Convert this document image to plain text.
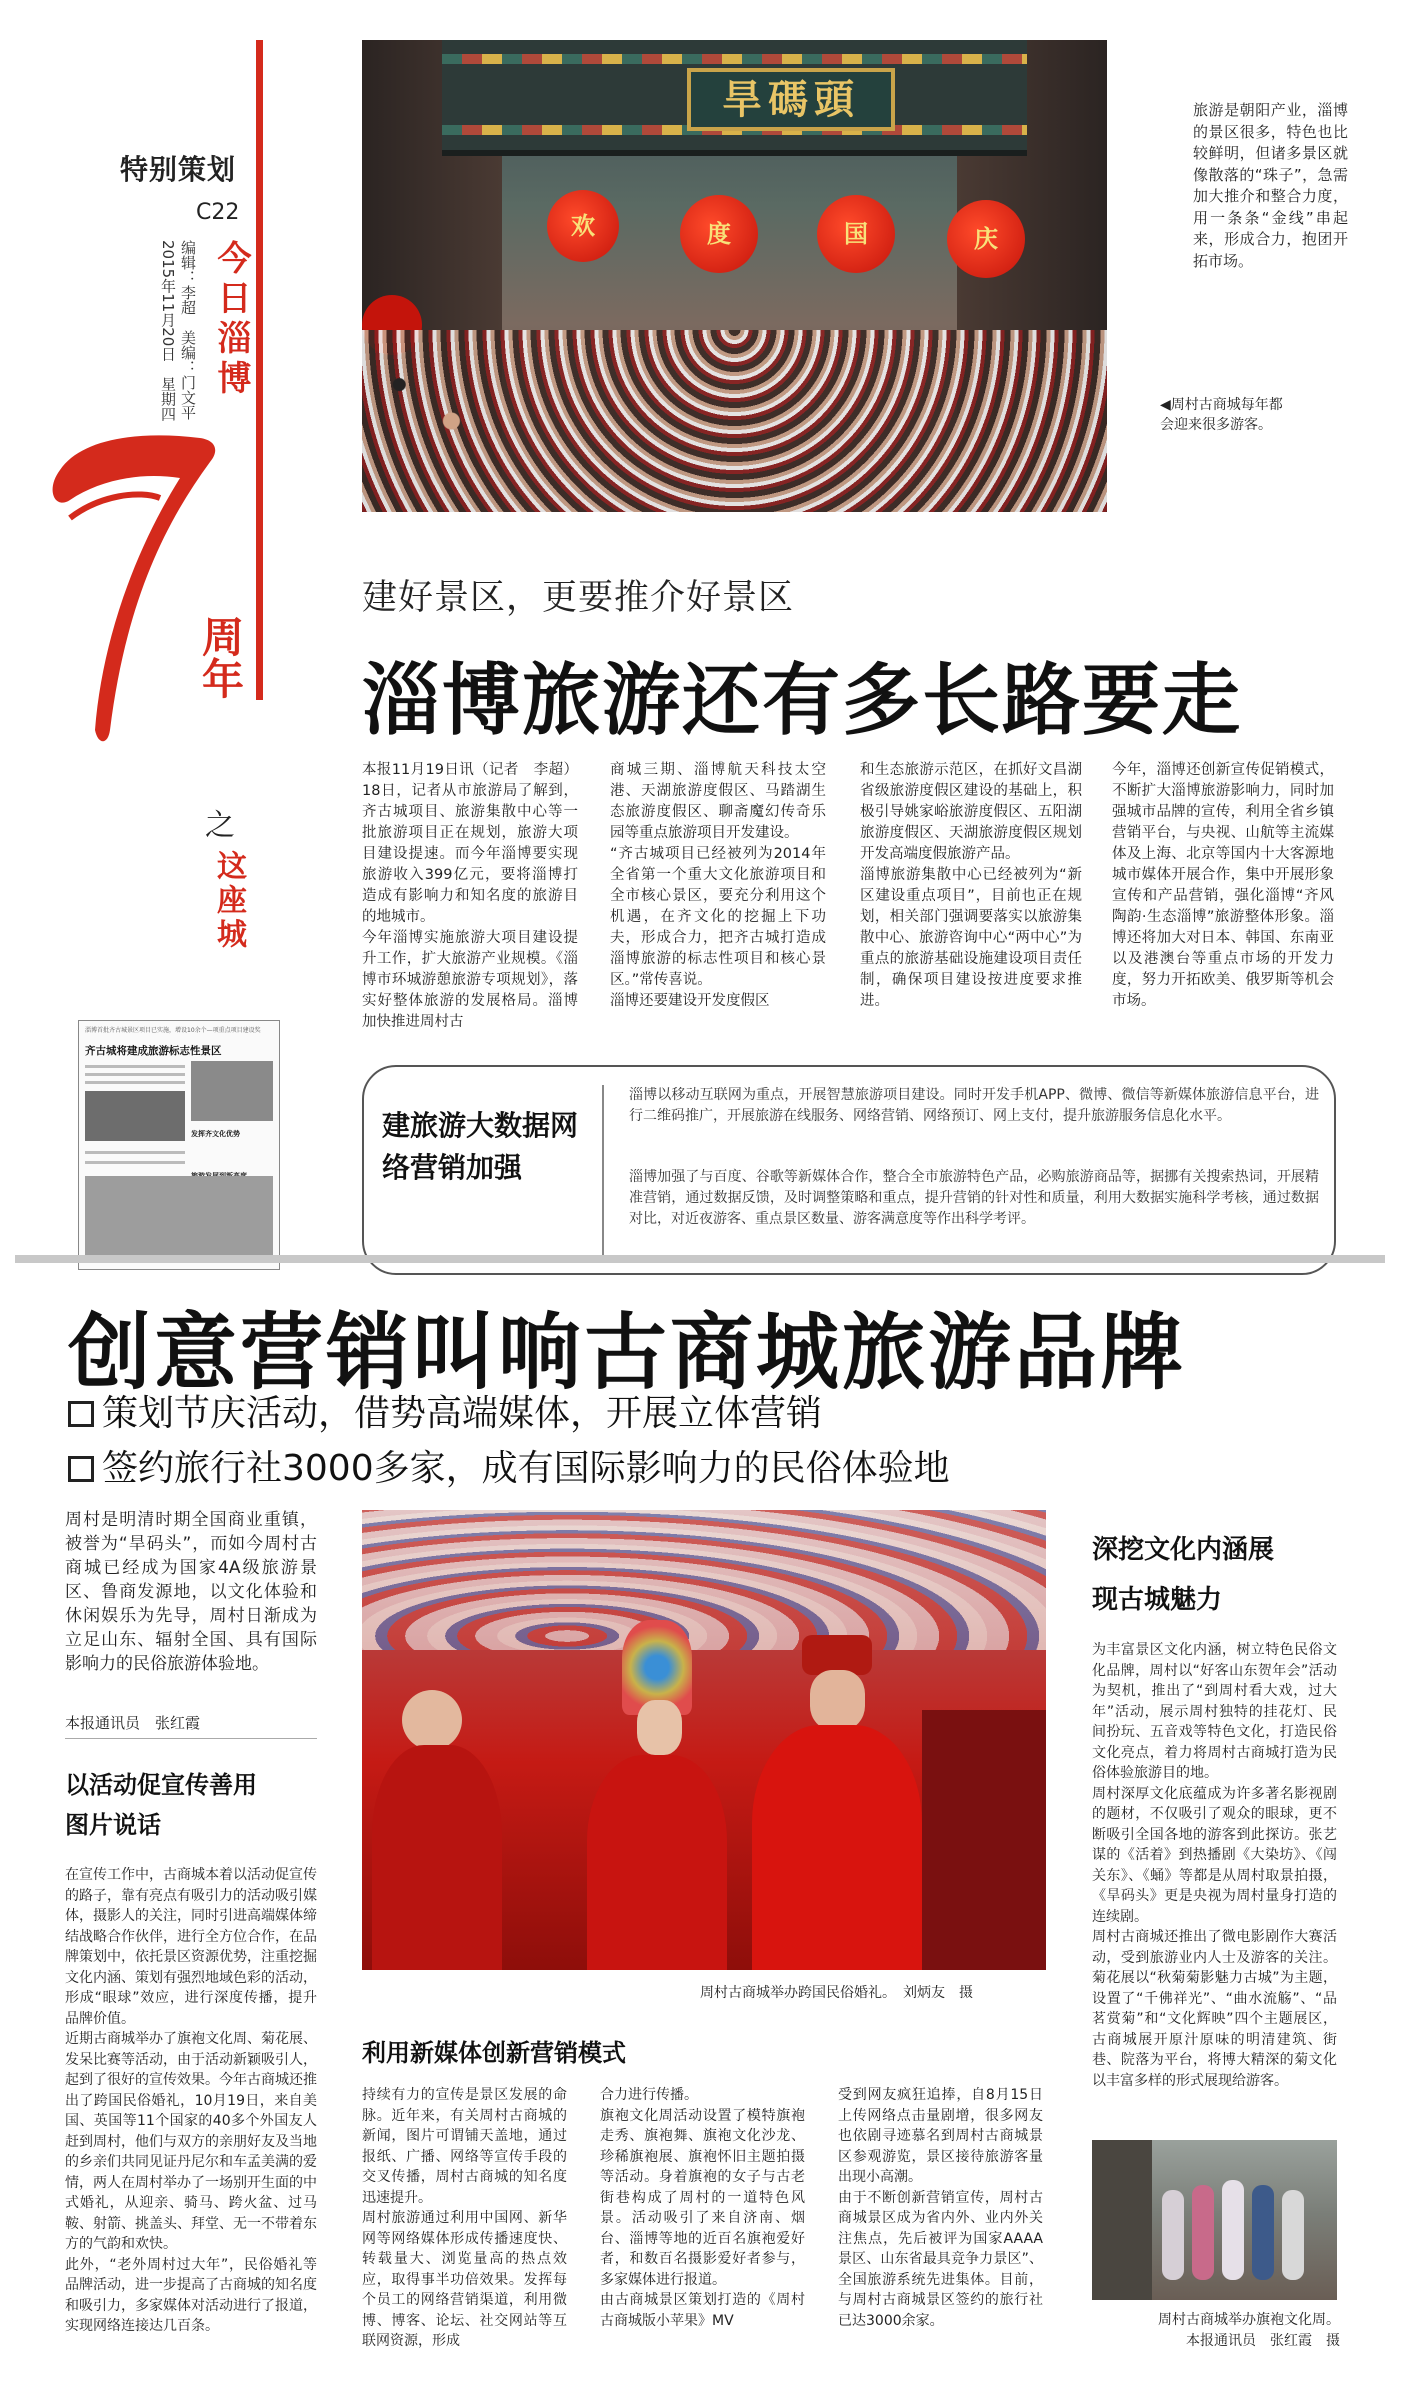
特别策划
C22
今日淄博
编辑：李超　美编：门文平
2015年11月20日　星期四
周年
之
这座城
淄博首批齐古城景区项目已实施，增设10余个—项重点项目建设奖
齐古城将建成旅游标志性景区
发挥齐文化优势
旱碼頭
欢	度	国	庆
◀周村古商城每年都会迎来很多游客。
旅游是朝阳产业，淄博的景区很多，特色也比较鲜明，但诸多景区就像散落的“珠子”，急需加大推介和整合力度，用一条条“金线”串起来，形成合力，抱团开拓市场。
建好景区，更要推介好景区
淄博旅游还有多长路要走
本报11月19日讯（记者　李超）18日，记者从市旅游局了解到，齐古城项目、旅游集散中心等一批旅游项目正在规划，旅游大项目建设提速。而今年淄博要实现旅游收入399亿元，要将淄博打造成有影响力和知名度的旅游目的地城市。
今年淄博实施旅游大项目建设提升工作，扩大旅游产业规模。《淄博市环城游憩旅游专项规划》，落实好整体旅游的发展格局。淄博加快推进周村古
商城三期、淄博航天科技太空港、天湖旅游度假区、马踏湖生态旅游度假区、聊斋魔幻传奇乐园等重点旅游项目开发建设。
“齐古城项目已经被列为2014年全省第一个重大文化旅游项目和全市核心景区，要充分利用这个机遇，在齐文化的挖掘上下功夫，形成合力，把齐古城打造成淄博旅游的标志性项目和核心景区。”常传喜说。
淄博还要建设开发度假区
和生态旅游示范区，在抓好文昌湖省级旅游度假区建设的基础上，积极引导姚家峪旅游度假区、五阳湖旅游度假区、天湖旅游度假区规划开发高端度假旅游产品。
淄博旅游集散中心已经被列为“新区建设重点项目”，目前也正在规划，相关部门强调要落实以旅游集散中心、旅游咨询中心“两中心”为重点的旅游基础设施建设项目责任制，确保项目建设按进度要求推进。
今年，淄博还创新宣传促销模式，不断扩大淄博旅游影响力，同时加强城市品牌的宣传，利用全省乡镇营销平台，与央视、山航等主流媒体及上海、北京等国内十大客源地城市媒体开展合作，集中开展形象宣传和产品营销，强化淄博“齐风陶韵·生态淄博”旅游整体形象。淄博还将加大对日本、韩国、东南亚以及港澳台等重点市场的开发力度，努力开拓欧美、俄罗斯等机会市场。
建旅游大数据网络营销加强
淄博以移动互联网为重点，开展智慧旅游项目建设。同时开发手机APP、微博、微信等新媒体旅游信息平台，进行二维码推广，开展旅游在线服务、网络营销、网络预订、网上支付，提升旅游服务信息化水平。
淄博加强了与百度、谷歌等新媒体合作，整合全市旅游特色产品，必购旅游商品等，据挪有关搜索热词，开展精准营销，通过数据反馈，及时调整策略和重点，提升营销的针对性和质量，利用大数据实施科学考核，通过数据对比，对近夜游客、重点景区数量、游客满意度等作出科学考评。
创意营销叫响古商城旅游品牌
策划节庆活动，借势高端媒体，开展立体营销
签约旅行社3000多家，成有国际影响力的民俗体验地
周村是明清时期全国商业重镇，被誉为“旱码头”，而如今周村古商城已经成为国家4A级旅游景区、鲁商发源地，以文化体验和休闲娱乐为先导，周村日渐成为立足山东、辐射全国、具有国际影响力的民俗旅游体验地。
本报通讯员　张红霞
以活动促宣传善用图片说话
在宣传工作中，古商城本着以活动促宣传的路子，靠有亮点有吸引力的活动吸引媒体，摄影人的关注，同时引进高端媒体缔结战略合作伙伴，进行全方位合作，在品牌策划中，依托景区资源优势，注重挖掘文化内涵、策划有强烈地域色彩的活动，形成“眼球”效应，进行深度传播，提升品牌价值。
近期古商城举办了旗袍文化周、菊花展、发呆比赛等活动，由于活动新颖吸引人，起到了很好的宣传效果。今年古商城还推出了跨国民俗婚礼，10月19日，来自美国、英国等11个国家的40多个外国友人赶到周村，他们与双方的亲朋好友及当地的乡亲们共同见证丹尼尔和车孟美满的爱情，两人在周村举办了一场别开生面的中式婚礼，从迎亲、骑马、跨火盆、过马鞍、射箭、挑盖头、拜堂、无一不带着东方的气韵和欢快。
此外，“老外周村过大年”，民俗婚礼等品牌活动，进一步提高了古商城的知名度和吸引力，多家媒体对活动进行了报道，实现网络连接达几百条。
周村古商城举办跨国民俗婚礼。　刘炳友　摄
利用新媒体创新营销模式
持续有力的宣传是景区发展的命脉。近年来，有关周村古商城的新闻，图片可谓铺天盖地，通过报纸、广播、网络等宣传手段的交叉传播，周村古商城的知名度迅速提升。
周村旅游通过利用中国网、新华网等网络媒体形成传播速度快、转载量大、浏览量高的热点效应，取得事半功倍效果。发挥每个员工的网络营销渠道，利用微博、博客、论坛、社交网站等互联网资源，形成
合力进行传播。
旗袍文化周活动设置了模特旗袍走秀、旗袍舞、旗袍文化沙龙、珍稀旗袍展、旗袍怀旧主题拍摄等活动。身着旗袍的女子与古老街巷构成了周村的一道特色风景。活动吸引了来自济南、烟台、淄博等地的近百名旗袍爱好者，和数百名摄影爱好者参与，多家媒体进行报道。
由古商城景区策划打造的《周村古商城版小苹果》MV
受到网友疯狂追捧，自8月15日上传网络点击量剧增，很多网友也依剧寻迹慕名到周村古商城景区参观游览，景区接待旅游客量出现小高潮。
由于不断创新营销宣传，周村古商城景区成为省内外、业内外关注焦点，先后被评为国家AAAA景区、山东省最具竞争力景区”、全国旅游系统先进集体。目前，与周村古商城景区签约的旅行社已达3000余家。
深挖文化内涵展现古城魅力
为丰富景区文化内涵，树立特色民俗文化品牌，周村以“好客山东贺年会”活动为契机，推出了“到周村看大戏，过大年”活动，展示周村独特的挂花灯、民间扮玩、五音戏等特色文化，打造民俗文化亮点，着力将周村古商城打造为民俗体验旅游目的地。
周村深厚文化底蕴成为许多著名影视剧的题材，不仅吸引了观众的眼球，更不断吸引全国各地的游客到此探访。张艺谋的《活着》到热播剧《大染坊》、《闯关东》、《蛹》等都是从周村取景拍摄，《旱码头》更是央视为周村量身打造的连续剧。
周村古商城还推出了微电影剧作大赛活动，受到旅游业内人士及游客的关注。菊花展以“秋菊菊影魅力古城”为主题，设置了“千佛祥光”、“曲水流觞”、“品茗赏菊”和“文化辉映”四个主题展区，古商城展开原汁原味的明清建筑、街巷、院落为平台，将博大精深的菊文化以丰富多样的形式展现给游客。
周村古商城举办旗袍文化周。
本报通讯员　张红霞　摄
